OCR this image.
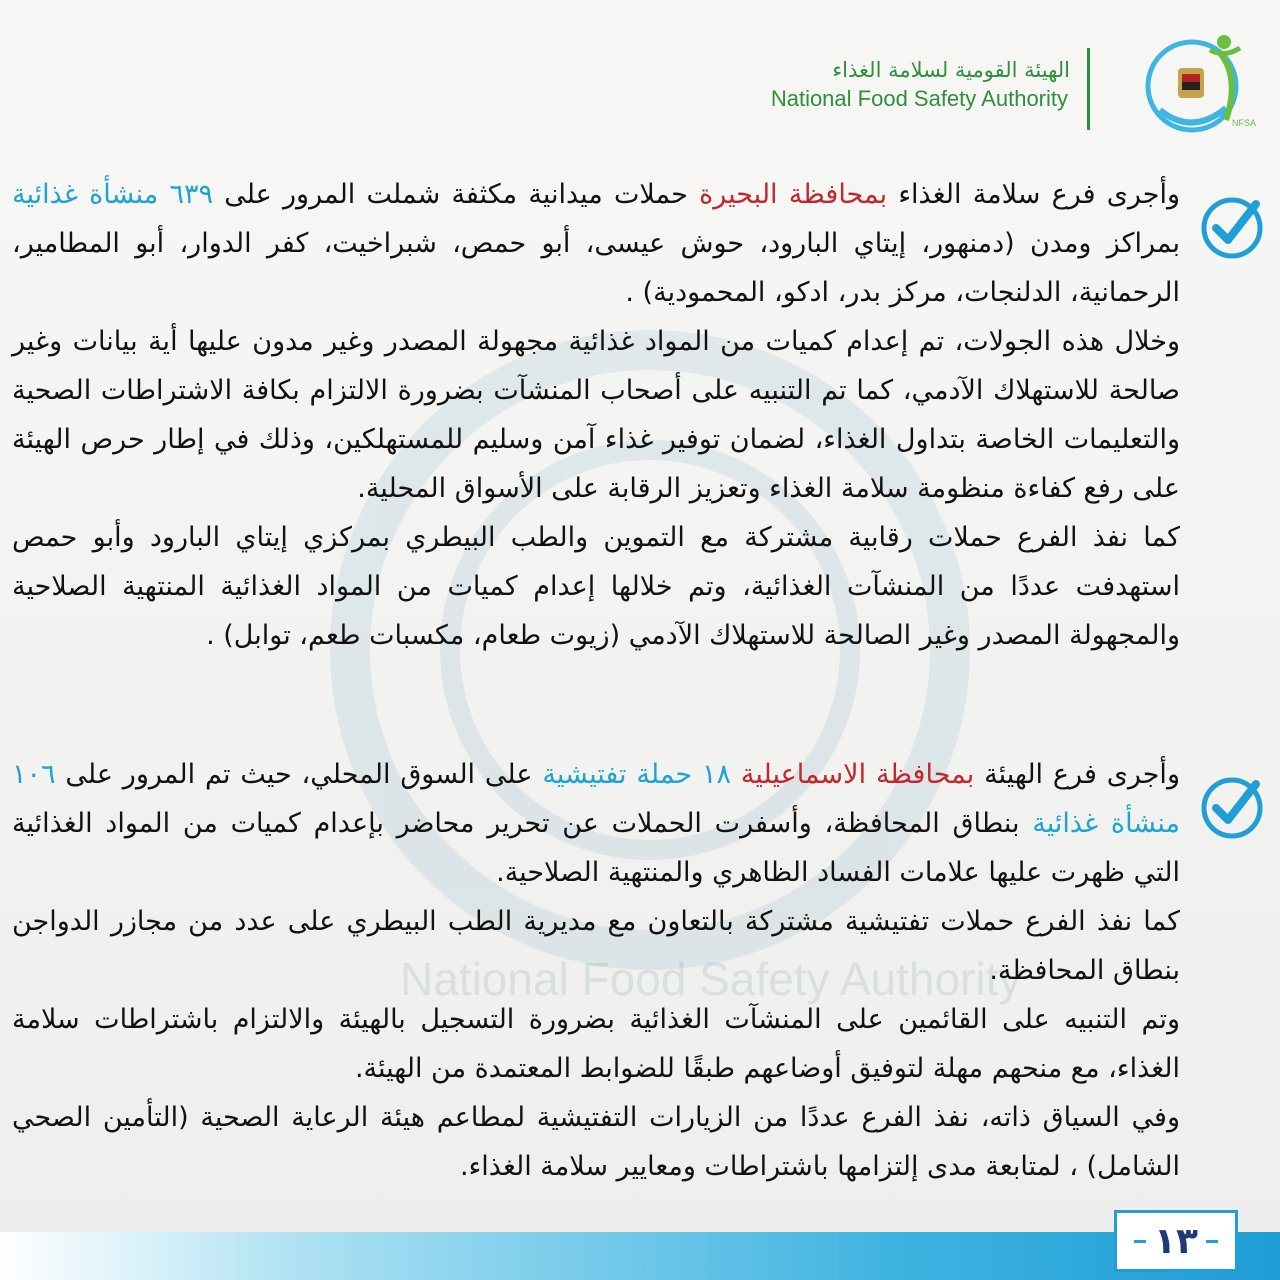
National Food Safety Authority
NFSA
الهيئة القومية لسلامة الغذاء
National Food Safety Authority

وأجرى فرع سلامة الغذاء بمحافظة البحيرة حملات ميدانية مكثفة شملت المرور على ٦٣٩ منشأة غذائية بمراكز ومدن (دمنهور، إيتاي البارود، حوش عيسى، أبو حمص، شبراخيت، كفر الدوار، أبو المطامير، الرحمانية، الدلنجات، مركز بدر، ادكو، المحمودية) .

وخلال هذه الجولات، تم إعدام كميات من المواد غذائية مجهولة المصدر وغير مدون عليها أية بيانات وغير صالحة للاستهلاك الآدمي، كما تم التنبيه على أصحاب المنشآت بضرورة الالتزام بكافة الاشتراطات الصحية والتعليمات الخاصة بتداول الغذاء، لضمان توفير غذاء آمن وسليم للمستهلكين، وذلك في إطار حرص الهيئة على رفع كفاءة منظومة سلامة الغذاء وتعزيز الرقابة على الأسواق المحلية.

كما نفذ الفرع حملات رقابية مشتركة مع التموين والطب البيطري بمركزي إيتاي البارود وأبو حمص استهدفت عددًا من المنشآت الغذائية، وتم خلالها إعدام كميات من المواد الغذائية المنتهية الصلاحية والمجهولة المصدر وغير الصالحة للاستهلاك الآدمي (زيوت طعام، مكسبات طعم، توابل) .

وأجرى فرع الهيئة بمحافظة الاسماعيلية ١٨ حملة تفتيشية على السوق المحلي، حيث تم المرور على ١٠٦ منشأة غذائية بنطاق المحافظة، وأسفرت الحملات عن تحرير محاضر بإعدام كميات من المواد الغذائية التي ظهرت عليها علامات الفساد الظاهري والمنتهية الصلاحية.

كما نفذ الفرع حملات تفتيشية مشتركة بالتعاون مع مديرية الطب البيطري على عدد من مجازر الدواجن بنطاق المحافظة.

وتم التنبيه على القائمين على المنشآت الغذائية بضرورة التسجيل بالهيئة والالتزام باشتراطات سلامة الغذاء، مع منحهم مهلة لتوفيق أوضاعهم طبقًا للضوابط المعتمدة من الهيئة.

وفي السياق ذاته، نفذ الفرع عددًا من الزيارات التفتيشية لمطاعم هيئة الرعاية الصحية (التأمين الصحي الشامل) ، لمتابعة مدى إلتزامها باشتراطات ومعايير سلامة الغذاء.

١٣
